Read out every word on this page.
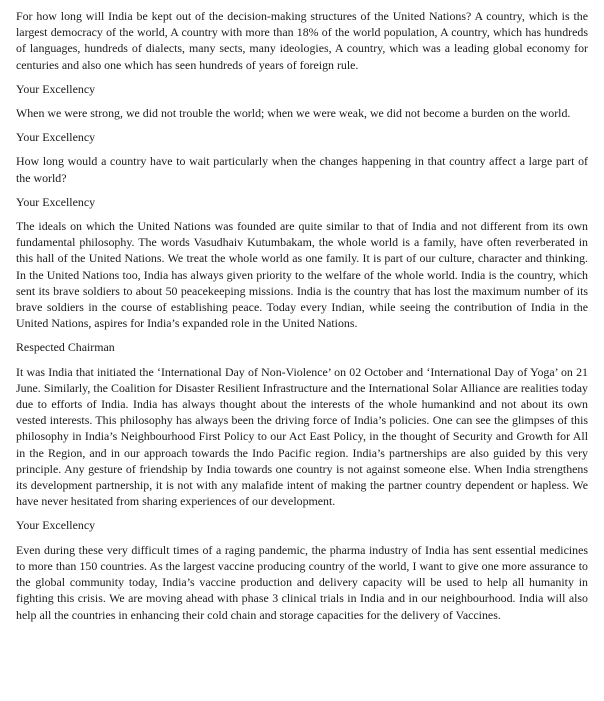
For how long will India be kept out of the decision-making structures of the United Nations? A country, which is the largest democracy of the world, A country with more than 18% of the world population, A country, which has hundreds of languages, hundreds of dialects, many sects, many ideologies, A country, which was a leading global economy for centuries and also one which has seen hundreds of years of foreign rule.

Your Excellency

When we were strong, we did not trouble the world; when we were weak, we did not become a burden on the world.

Your Excellency

How long would a country have to wait particularly when the changes happening in that country affect a large part of the world?

Your Excellency

The ideals on which the United Nations was founded are quite similar to that of India and not different from its own fundamental philosophy. The words Vasudhaiv Kutumbakam, the whole world is a family, have often reverberated in this hall of the United Nations. We treat the whole world as one family. It is part of our culture, character and thinking. In the United Nations too, India has always given priority to the welfare of the whole world. India is the country, which sent its brave soldiers to about 50 peacekeeping missions. India is the country that has lost the maximum number of its brave soldiers in the course of establishing peace. Today every Indian, while seeing the contribution of India in the United Nations, aspires for India’s expanded role in the United Nations.

Respected Chairman

It was India that initiated the ‘International Day of Non-Violence’ on 02 October and ‘International Day of Yoga’ on 21 June. Similarly, the Coalition for Disaster Resilient Infrastructure and the International Solar Alliance are realities today due to efforts of India. India has always thought about the interests of the whole humankind and not about its own vested interests. This philosophy has always been the driving force of India’s policies. One can see the glimpses of this philosophy in India’s Neighbourhood First Policy to our Act East Policy, in the thought of Security and Growth for All in the Region, and in our approach towards the Indo Pacific region. India’s partnerships are also guided by this very principle. Any gesture of friendship by India towards one country is not against someone else. When India strengthens its development partnership, it is not with any malafide intent of making the partner country dependent or hapless. We have never hesitated from sharing experiences of our development.

Your Excellency

Even during these very difficult times of a raging pandemic, the pharma industry of India has sent essential medicines to more than 150 countries. As the largest vaccine producing country of the world, I want to give one more assurance to the global community today, India’s vaccine production and delivery capacity will be used to help all humanity in fighting this crisis. We are moving ahead with phase 3 clinical trials in India and in our neighbourhood. India will also help all the countries in enhancing their cold chain and storage capacities for the delivery of Vaccines.
